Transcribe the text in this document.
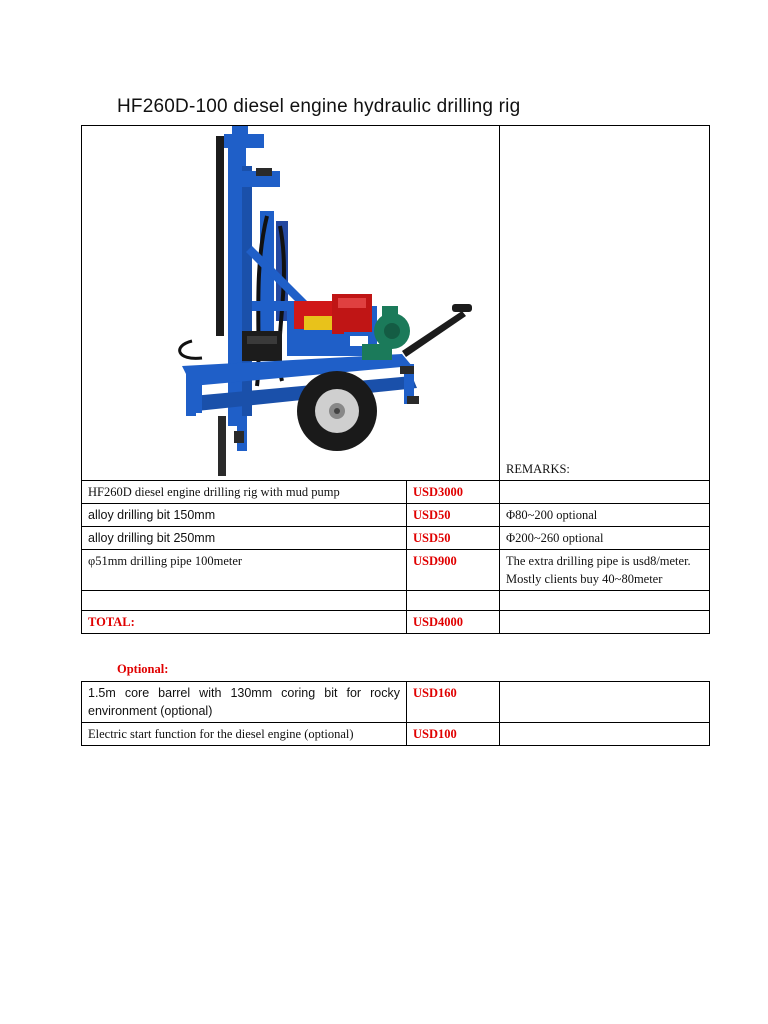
HF260D-100 diesel engine hydraulic drilling rig

REMARKS:

HF260D diesel engine drilling rig with mud pump	USD3000	
alloy drilling bit 150mm	USD50	Φ80~200 optional
alloy drilling bit 250mm	USD50	Φ200~260 optional
φ51mm drilling pipe 100meter	USD900	The extra drilling pipe is usd8/meter. Mostly clients buy 40~80meter

TOTAL:	USD4000	
Optional:
1.5m core barrel with 130mm coring bit for rocky environment (optional)	USD160	
Electric start function for the diesel engine (optional)	USD100	
